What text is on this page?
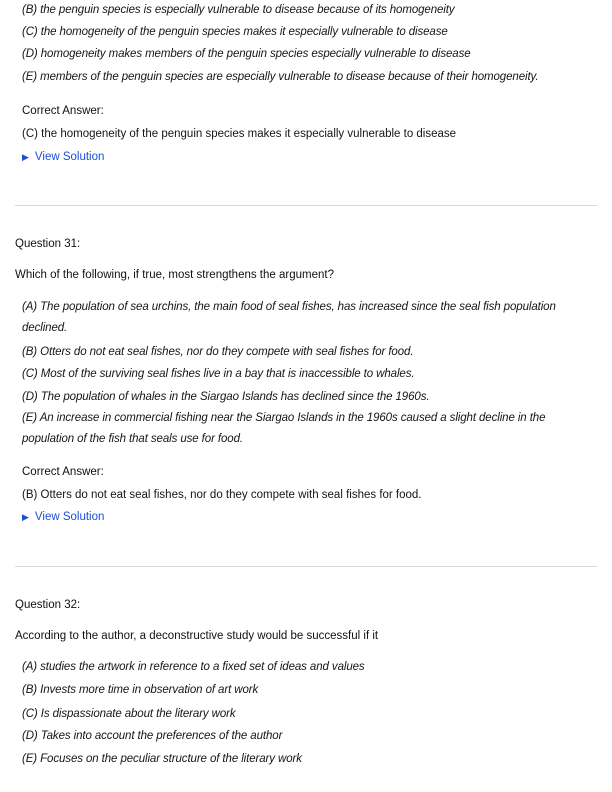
(B) the penguin species is especially vulnerable to disease because of its homogeneity
(C) the homogeneity of the penguin species makes it especially vulnerable to disease
(D) homogeneity makes members of the penguin species especially vulnerable to disease
(E) members of the penguin species are especially vulnerable to disease because of their homogeneity.
Correct Answer:
(C) the homogeneity of the penguin species makes it especially vulnerable to disease
▶ View Solution
Question 31:
Which of the following, if true, most strengthens the argument?
(A) The population of sea urchins, the main food of seal fishes, has increased since the seal fish population declined.
(B) Otters do not eat seal fishes, nor do they compete with seal fishes for food.
(C) Most of the surviving seal fishes live in a bay that is inaccessible to whales.
(D) The population of whales in the Siargao Islands has declined since the 1960s.
(E) An increase in commercial fishing near the Siargao Islands in the 1960s caused a slight decline in the population of the fish that seals use for food.
Correct Answer:
(B) Otters do not eat seal fishes, nor do they compete with seal fishes for food.
▶ View Solution
Question 32:
According to the author, a deconstructive study would be successful if it
(A) studies the artwork in reference to a fixed set of ideas and values
(B) Invests more time in observation of art work
(C) Is dispassionate about the literary work
(D) Takes into account the preferences of the author
(E) Focuses on the peculiar structure of the literary work
